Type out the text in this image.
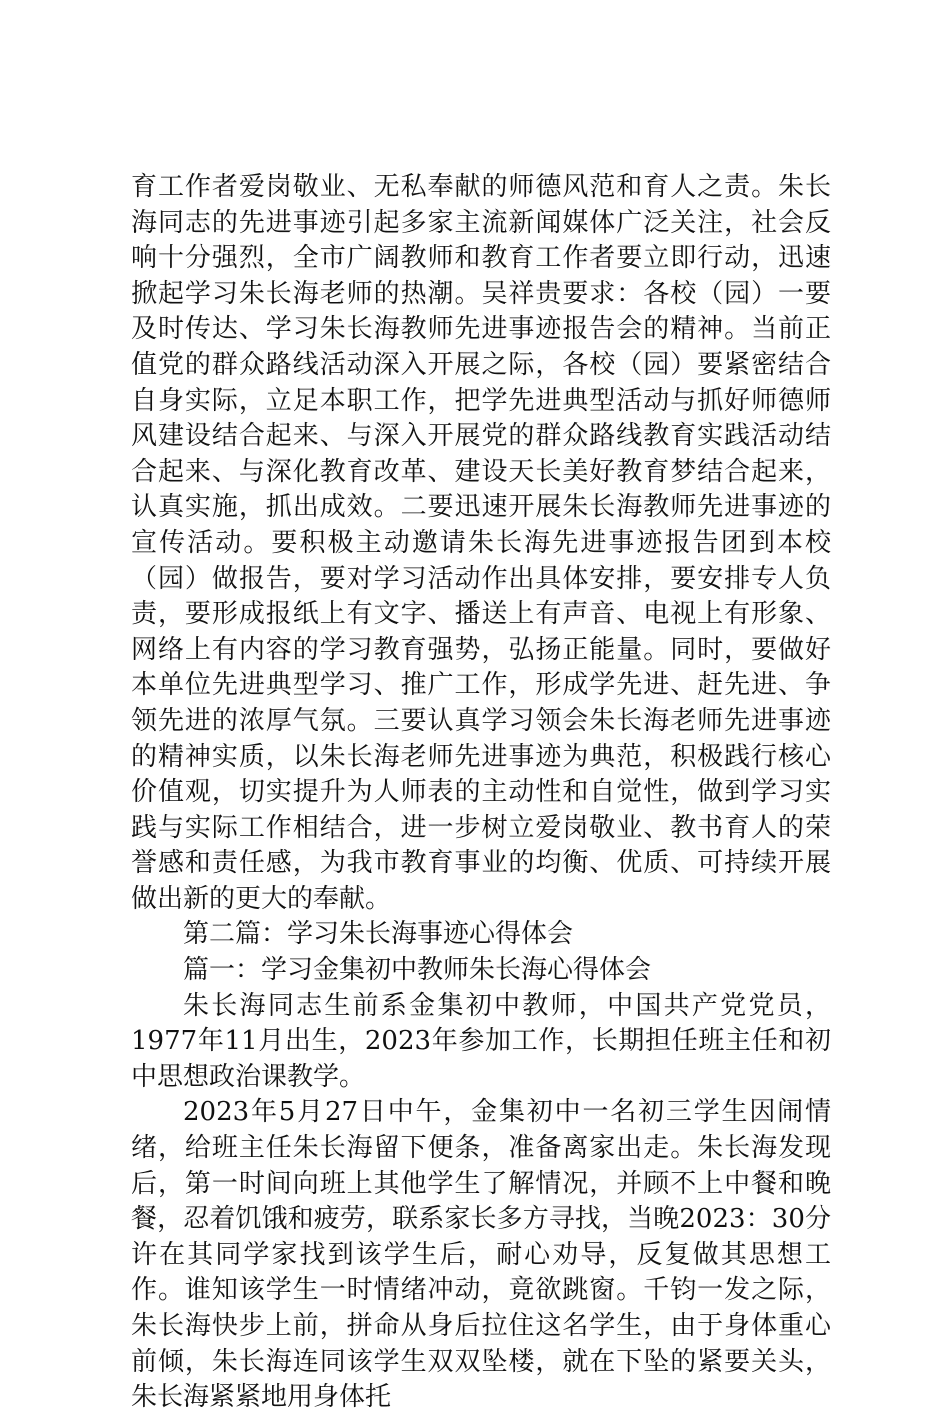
育工作者爱岗敬业、无私奉献的师德风范和育人之责。朱长海同志的先进事迹引起多家主流新闻媒体广泛关注，社会反响十分强烈，全市广阔教师和教育工作者要立即行动，迅速掀起学习朱长海老师的热潮。吴祥贵要求：各校（园）一要及时传达、学习朱长海教师先进事迹报告会的精神。当前正值党的群众路线活动深入开展之际，各校（园）要紧密结合自身实际，立足本职工作，把学先进典型活动与抓好师德师风建设结合起来、与深入开展党的群众路线教育实践活动结合起来、与深化教育改革、建设天长美好教育梦结合起来，认真实施，抓出成效。二要迅速开展朱长海教师先进事迹的宣传活动。要积极主动邀请朱长海先进事迹报告团到本校（园）做报告，要对学习活动作出具体安排，要安排专人负责，要形成报纸上有文字、播送上有声音、电视上有形象、网络上有内容的学习教育强势，弘扬正能量。同时，要做好本单位先进典型学习、推广工作，形成学先进、赶先进、争领先进的浓厚气氛。三要认真学习领会朱长海老师先进事迹的精神实质，以朱长海老师先进事迹为典范，积极践行核心价值观，切实提升为人师表的主动性和自觉性，做到学习实践与实际工作相结合，进一步树立爱岗敬业、教书育人的荣誉感和责任感，为我市教育事业的均衡、优质、可持续开展做出新的更大的奉献。

第二篇：学习朱长海事迹心得体会

篇一：学习金集初中教师朱长海心得体会

朱长海同志生前系金集初中教师，中国共产党党员，1977年11月出生，2023年参加工作，长期担任班主任和初中思想政治课教学。

2023年5月27日中午，金集初中一名初三学生因闹情绪，给班主任朱长海留下便条，准备离家出走。朱长海发现后，第一时间向班上其他学生了解情况，并顾不上中餐和晚餐，忍着饥饿和疲劳，联系家长多方寻找，当晚2023：30分许在其同学家找到该学生后，耐心劝导，反复做其思想工作。谁知该学生一时情绪冲动，竟欲跳窗。千钧一发之际，朱长海快步上前，拼命从身后拉住这名学生，由于身体重心前倾，朱长海连同该学生双双坠楼，就在下坠的紧要关头，朱长海紧紧地用身体托
